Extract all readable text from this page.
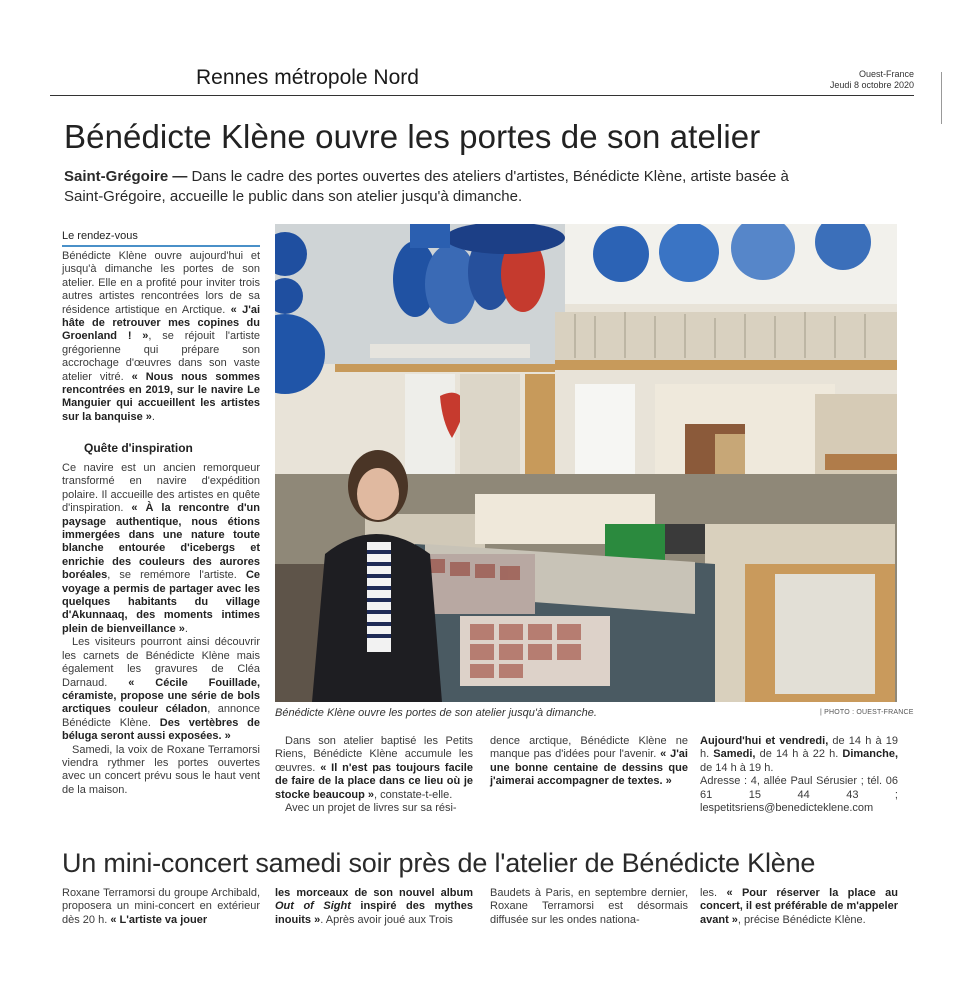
Rennes métropole Nord	Ouest-France
Jeudi 8 octobre 2020
Bénédicte Klène ouvre les portes de son atelier
Saint-Grégoire — Dans le cadre des portes ouvertes des ateliers d'artistes, Bénédicte Klène, artiste basée à Saint-Grégoire, accueille le public dans son atelier jusqu'à dimanche.
Le rendez-vous
Bénédicte Klène ouvre aujourd'hui et jusqu'à dimanche les portes de son atelier. Elle en a profité pour inviter trois autres artistes rencontrées lors de sa résidence artistique en Arctique. « J'ai hâte de retrouver mes copines du Groenland ! », se réjouit l'artiste grégorienne qui prépare son accrochage d'œuvres dans son vaste atelier vitré. « Nous nous sommes rencontrées en 2019, sur le navire Le Manguier qui accueillent les artistes sur la banquise ».
Quête d'inspiration
Ce navire est un ancien remorqueur transformé en navire d'expédition polaire. Il accueille des artistes en quête d'inspiration. « À la rencontre d'un paysage authentique, nous étions immergées dans une nature toute blanche entourée d'icebergs et enrichie des couleurs des aurores boréales, se remémore l'artiste. Ce voyage a permis de partager avec les quelques habitants du village d'Akunnaaq, des moments intimes plein de bienveillance ».
Les visiteurs pourront ainsi découvrir les carnets de Bénédicte Klène mais également les gravures de Cléa Darnaud. « Cécile Fouillade, céramiste, propose une série de bols arctiques couleur céladon, annonce Bénédicte Klène. Des vertèbres de béluga seront aussi exposées. »
Samedi, la voix de Roxane Terramorsi viendra rythmer les portes ouvertes avec un concert prévu sous le haut vent de la maison.
Bénédicte Klène ouvre les portes de son atelier jusqu'à dimanche.	| PHOTO : OUEST-FRANCE
Dans son atelier baptisé les Petits Riens, Bénédicte Klène accumule les œuvres. « Il n'est pas toujours facile de faire de la place dans ce lieu où je stocke beaucoup », constate-t-elle.
Avec un projet de livres sur sa rési-
dence arctique, Bénédicte Klène ne manque pas d'idées pour l'avenir. « J'ai une bonne centaine de dessins que j'aimerai accompagner de textes. »
Aujourd'hui et vendredi, de 14 h à 19 h. Samedi, de 14 h à 22 h. Dimanche, de 14 h à 19 h.
Adresse : 4, allée Paul Sérusier ; tél. 06 61 15 44 43 ; lespetitsriens@benedicteklene.com
Un mini-concert samedi soir près de l'atelier de Bénédicte Klène
Roxane Terramorsi du groupe Archibald, proposera un mini-concert en extérieur dès 20 h. « L'artiste va jouer
les morceaux de son nouvel album Out of Sight inspiré des mythes inouits ». Après avoir joué aux Trois
Baudets à Paris, en septembre dernier, Roxane Terramorsi est désormais diffusée sur les ondes nationa-
les. « Pour réserver la place au concert, il est préférable de m'appeler avant », précise Bénédicte Klène.
